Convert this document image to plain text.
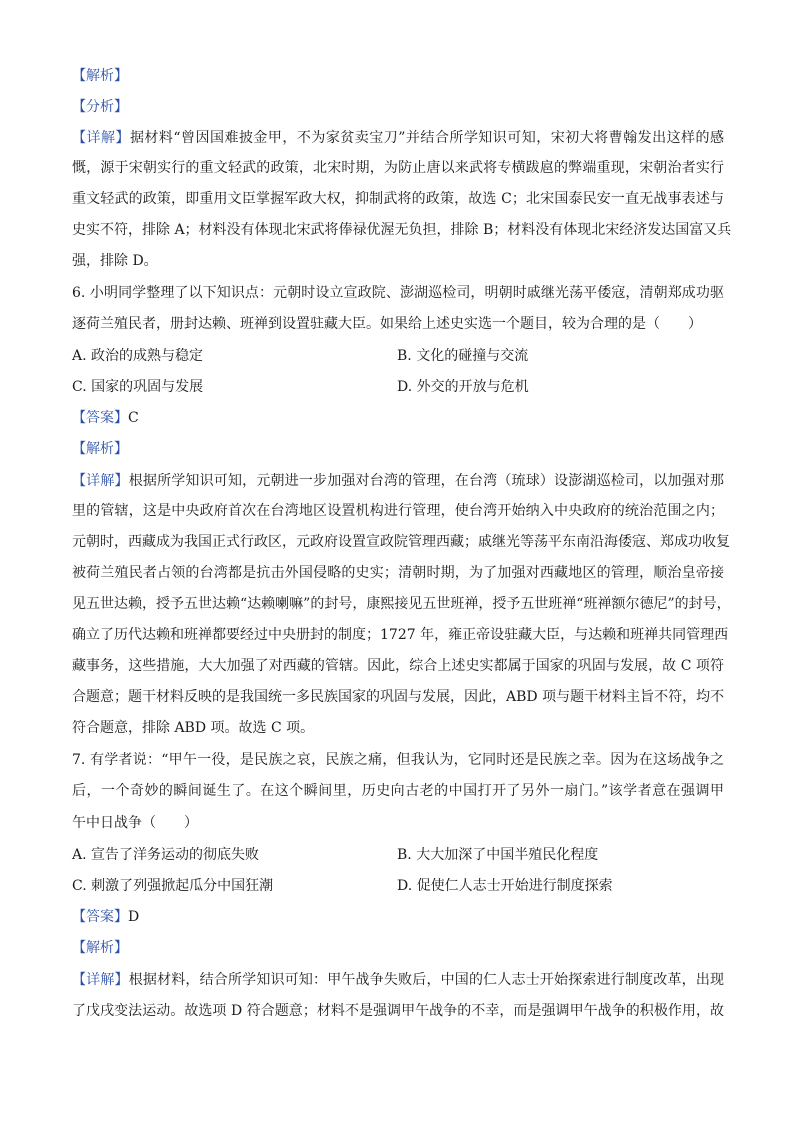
【解析】
【分析】
【详解】据材料“曾因国难披金甲，不为家贫卖宝刀”并结合所学知识可知，宋初大将曹翰发出这样的感
慨，源于宋朝实行的重文轻武的政策，北宋时期，为防止唐以来武将专横跋扈的弊端重现，宋朝治者实行
重文轻武的政策，即重用文臣掌握军政大权，抑制武将的政策，故选 C；北宋国泰民安一直无战事表述与
史实不符，排除 A；材料没有体现北宋武将俸禄优渥无负担，排除 B；材料没有体现北宋经济发达国富又兵
强，排除 D。
6. 小明同学整理了以下知识点：元朝时设立宣政院、澎湖巡检司，明朝时戚继光荡平倭寇，清朝郑成功驱
逐荷兰殖民者，册封达赖、班禅到设置驻藏大臣。如果给上述史实选一个题目，较为合理的是（　　）
A. 政治的成熟与稳定	B. 文化的碰撞与交流
C. 国家的巩固与发展	D. 外交的开放与危机
【答案】C
【解析】
【详解】根据所学知识可知，元朝进一步加强对台湾的管理，在台湾（琉球）设澎湖巡检司，以加强对那
里的管辖，这是中央政府首次在台湾地区设置机构进行管理，使台湾开始纳入中央政府的统治范围之内；
元朝时，西藏成为我国正式行政区，元政府设置宣政院管理西藏；戚继光等荡平东南沿海倭寇、郑成功收复
被荷兰殖民者占领的台湾都是抗击外国侵略的史实；清朝时期，为了加强对西藏地区的管理，顺治皇帝接
见五世达赖，授予五世达赖“达赖喇嘛”的封号，康熙接见五世班禅，授予五世班禅“班禅额尔德尼”的封号，
确立了历代达赖和班禅都要经过中央册封的制度；1727 年，雍正帝设驻藏大臣，与达赖和班禅共同管理西
藏事务，这些措施，大大加强了对西藏的管辖。因此，综合上述史实都属于国家的巩固与发展，故 C 项符
合题意；题干材料反映的是我国统一多民族国家的巩固与发展，因此，ABD 项与题干材料主旨不符，均不
符合题意，排除 ABD 项。故选 C 项。
7. 有学者说：“甲午一役，是民族之哀，民族之痛，但我认为，它同时还是民族之幸。因为在这场战争之
后，一个奇妙的瞬间诞生了。在这个瞬间里，历史向古老的中国打开了另外一扇门。”该学者意在强调甲
午中日战争（　　）
A. 宣告了洋务运动的彻底失败	B. 大大加深了中国半殖民化程度
C. 刺激了列强掀起瓜分中国狂潮	D. 促使仁人志士开始进行制度探索
【答案】D
【解析】
【详解】根据材料，结合所学知识可知：甲午战争失败后，中国的仁人志士开始探索进行制度改革，出现
了戊戌变法运动。故选项 D 符合题意；材料不是强调甲午战争的不幸，而是强调甲午战争的积极作用，故
